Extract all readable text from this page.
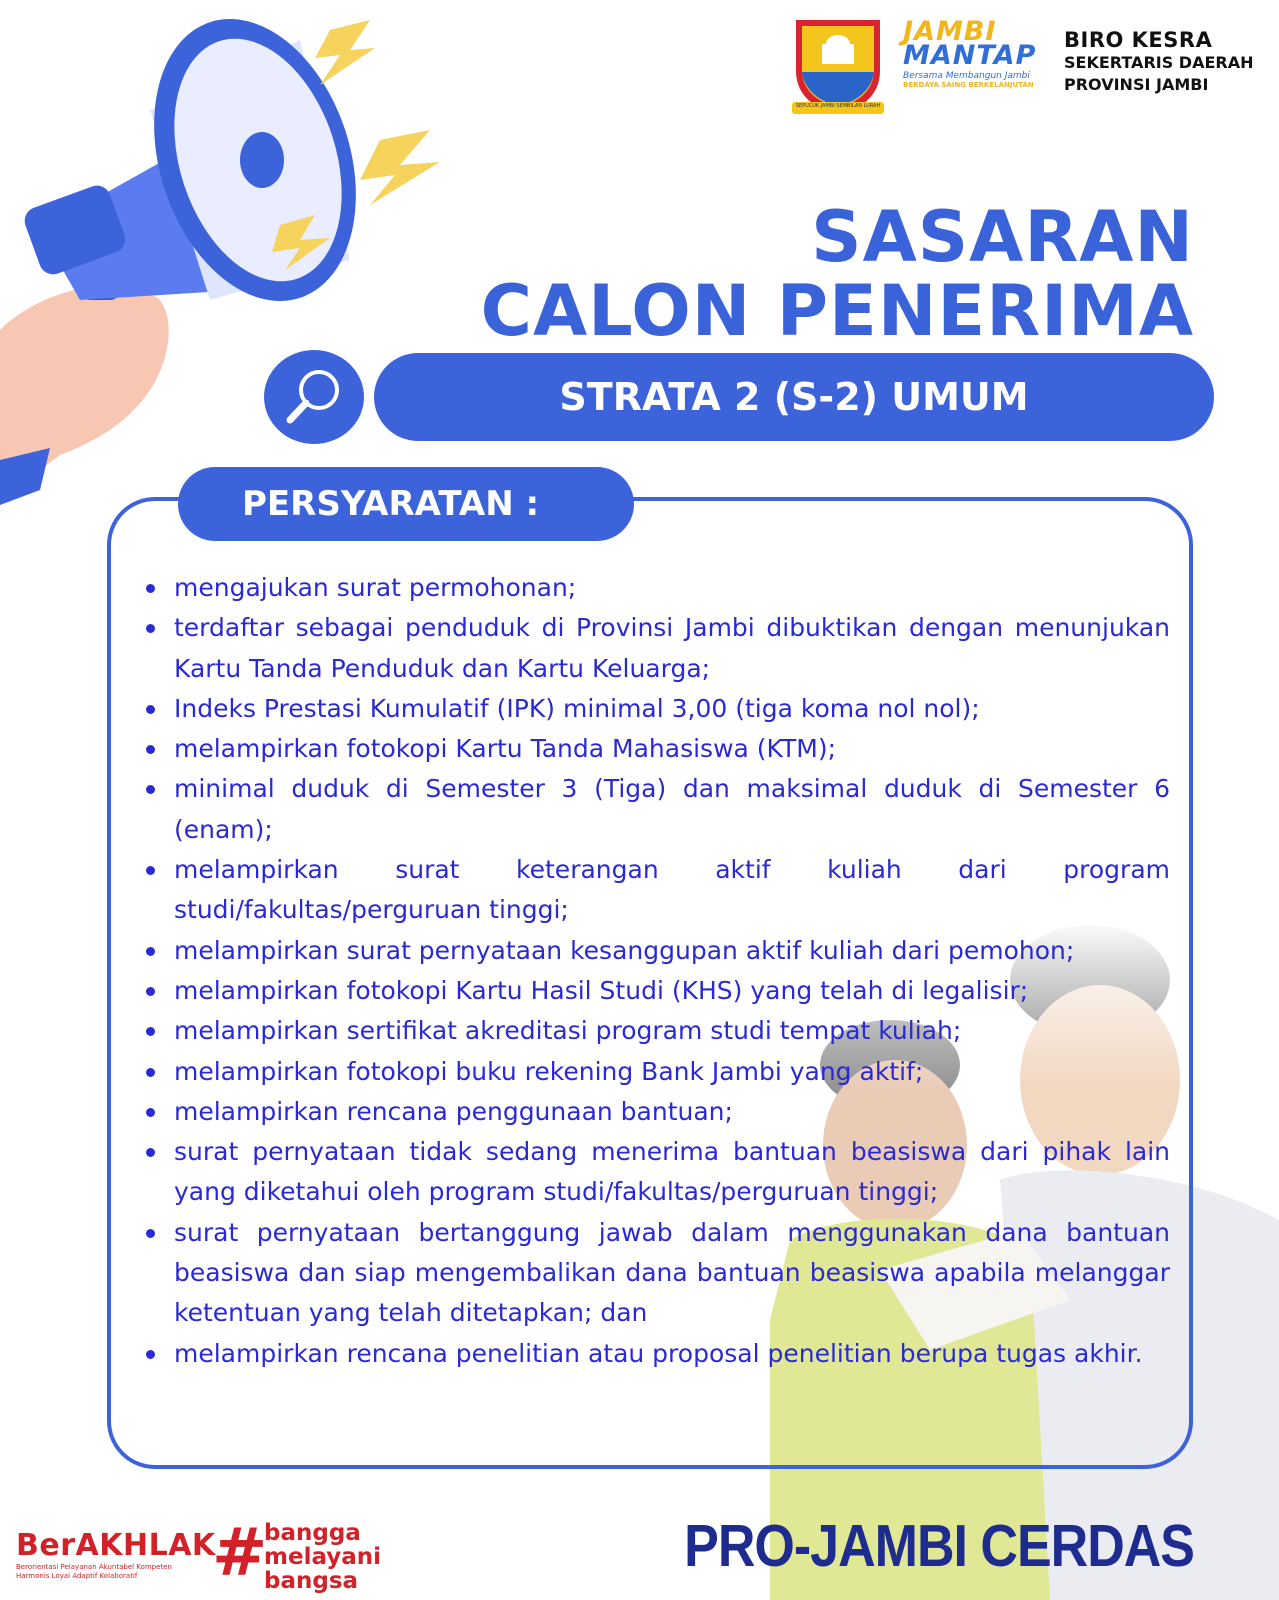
SEPUCUK JAMBI SEMBILAN LURAH
JAMBI
MANTAP
Bersama Membangun Jambi
BERDAYA SAING BERKELANJUTAN
BIRO KESRA
SEKERTARIS DAERAH
PROVINSI JAMBI
SASARAN
CALON PENERIMA
STRATA 2 (S-2) UMUM
PERSYARATAN :
mengajukan surat permohonan;
terdaftar sebagai penduduk di Provinsi Jambi dibuktikan dengan menunjukan Kartu Tanda Penduduk dan Kartu Keluarga;
Indeks Prestasi Kumulatif (IPK) minimal 3,00 (tiga koma nol nol);
melampirkan fotokopi Kartu Tanda Mahasiswa (KTM);
minimal duduk di Semester 3 (Tiga) dan maksimal duduk di Semester 6 (enam);
melampirkan surat keterangan aktif kuliah dari program studi/fakultas/perguruan tinggi;
melampirkan surat pernyataan kesanggupan aktif kuliah dari pemohon;
melampirkan fotokopi Kartu Hasil Studi (KHS) yang telah di legalisir;
melampirkan sertifikat akreditasi program studi tempat kuliah;
melampirkan fotokopi buku rekening Bank Jambi yang aktif;
melampirkan rencana penggunaan bantuan;
surat pernyataan tidak sedang menerima bantuan beasiswa dari pihak lain yang diketahui oleh program studi/fakultas/perguruan tinggi;
surat pernyataan bertanggung jawab dalam menggunakan dana bantuan beasiswa dan siap mengembalikan dana bantuan beasiswa apabila melanggar ketentuan yang telah ditetapkan; dan
melampirkan rencana penelitian atau proposal penelitian berupa tugas akhir.
BerAKHLAK
Berorientasi Pelayanan Akuntabel Kompeten
Harmonis Loyal Adaptif Kolaboratif	#
bangga
melayani
bangsa
PRO-JAMBI CERDAS
